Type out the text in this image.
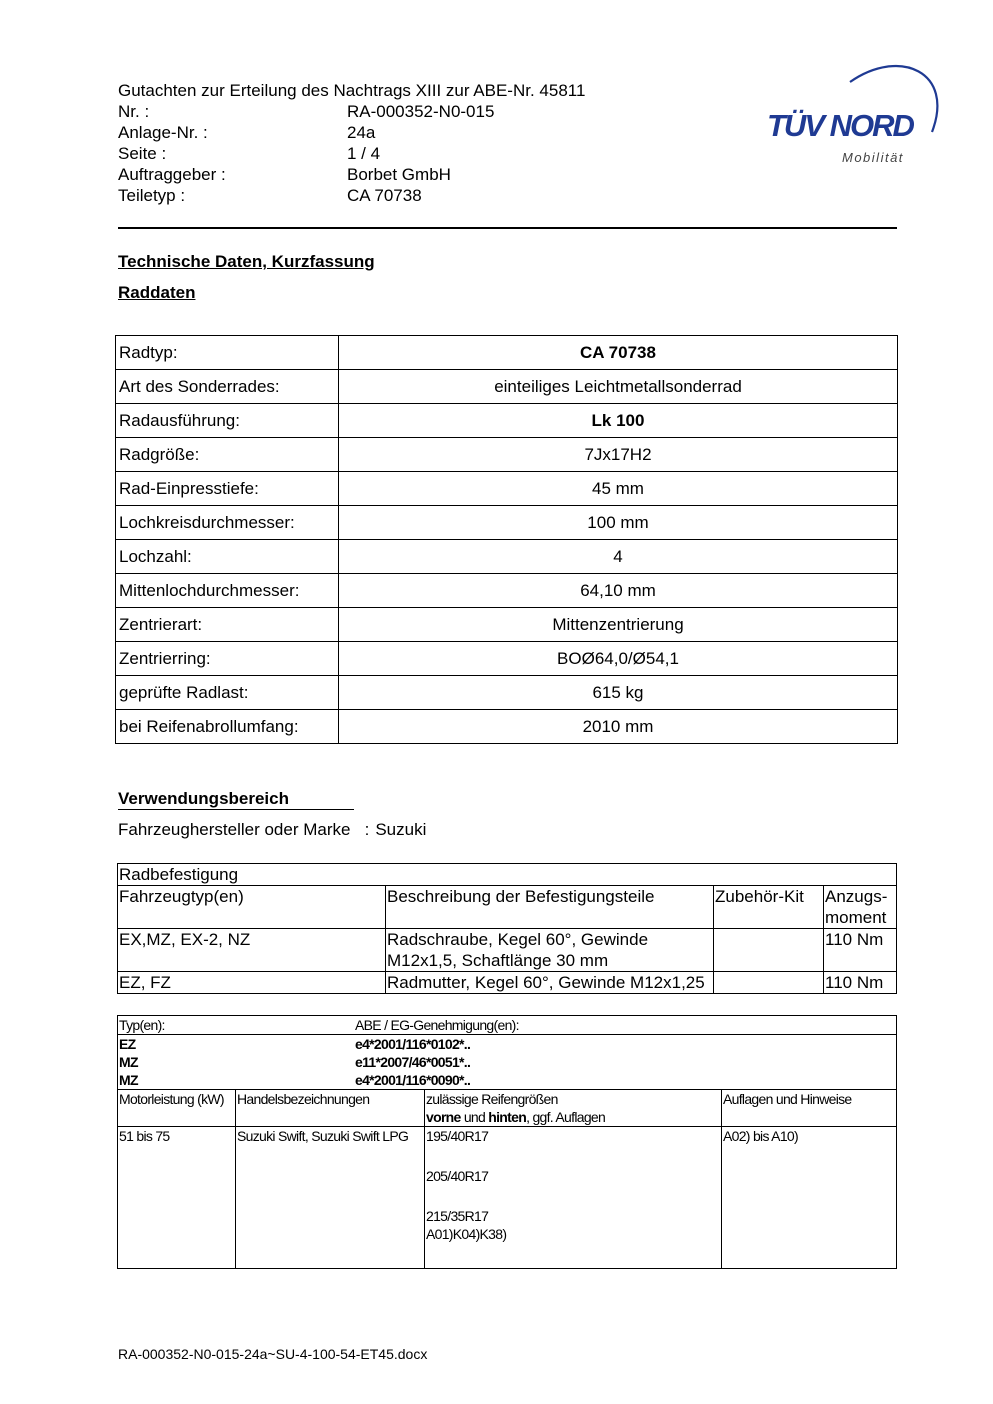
Gutachten zur Erteilung des Nachtrags XIII zur ABE-Nr. 45811
Nr. :	RA-000352-N0-015
Anlage-Nr. :	24a
Seite :	1 / 4
Auftraggeber :	Borbet GmbH
Teiletyp :	CA 70738
TÜV NORD
Mobilität
Technische Daten, Kurzfassung
Raddaten
Radtyp:	CA 70738
Art des Sonderrades:	einteiliges Leichtmetallsonderrad
Radausführung:	Lk 100
Radgröße:	7Jx17H2
Rad-Einpresstiefe:	45 mm
Lochkreisdurchmesser:	100 mm
Lochzahl:	4
Mittenlochdurchmesser:	64,10 mm
Zentrierart:	Mittenzentrierung
Zentrierring:	BOØ64,0/Ø54,1
geprüfte Radlast:	615 kg
bei Reifenabrollumfang:	2010 mm
Verwendungsbereich
Fahrzeughersteller oder Marke   : Suzuki
Radbefestigung			
Fahrzeugtyp(en)	Beschreibung der Befestigungsteile	Zubehör-Kit	Anzugs-moment
EX,MZ, EX-2, NZ	Radschraube, Kegel 60°, Gewinde M12x1,5, Schaftlänge 30 mm		110 Nm
EZ, FZ	Radmutter, Kegel 60°, Gewinde M12x1,25		110 Nm
Typ(en): ABE / EG-Genehmigung(en):			

EZ e4*2001/116*0102*..
MZ e11*2007/46*0051*..
MZ e4*2001/116*0090*..			

Motorleistung (kW)	Handelsbezeichnungen	zulässige Reifengrößen
vorne und hinten, ggf. Auflagen	Auflagen und Hinweise
51 bis 75	Suzuki Swift, Suzuki Swift LPG	195/40R17
205/40R17
215/35R17
A01)K04)K38)	A02) bis A10)
RA-000352-N0-015-24a~SU-4-100-54-ET45.docx
